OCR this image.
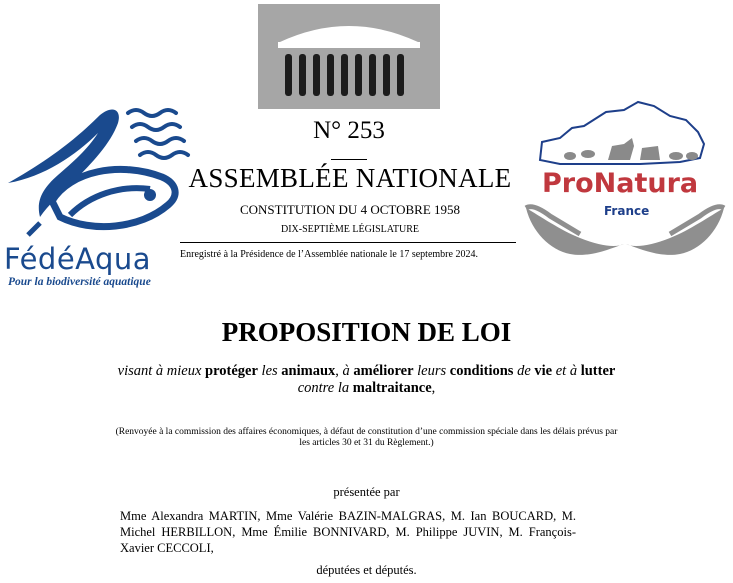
FédéAqua
Pour la biodiversité aquatique
ProNatura
France
N° 253
ASSEMBLÉE NATIONALE
CONSTITUTION DU 4 OCTOBRE 1958
DIX-SEPTIÈME LÉGISLATURE
Enregistré à la Présidence de l’Assemblée nationale le 17 septembre 2024.
PROPOSITION DE LOI
visant à mieux protéger les animaux, à améliorer leurs conditions de vie et à lutter contre la maltraitance,
(Renvoyée à la commission des affaires économiques, à défaut de constitution d’une commission spéciale dans les délais prévus par les articles 30 et 31 du Règlement.)
présentée par
Mme Alexandra MARTIN, Mme Valérie BAZIN-MALGRAS, M. Ian BOUCARD, M. Michel HERBILLON, Mme Émilie BONNIVARD, M. Philippe JUVIN, M. François-Xavier CECCOLI,
députées et députés.
